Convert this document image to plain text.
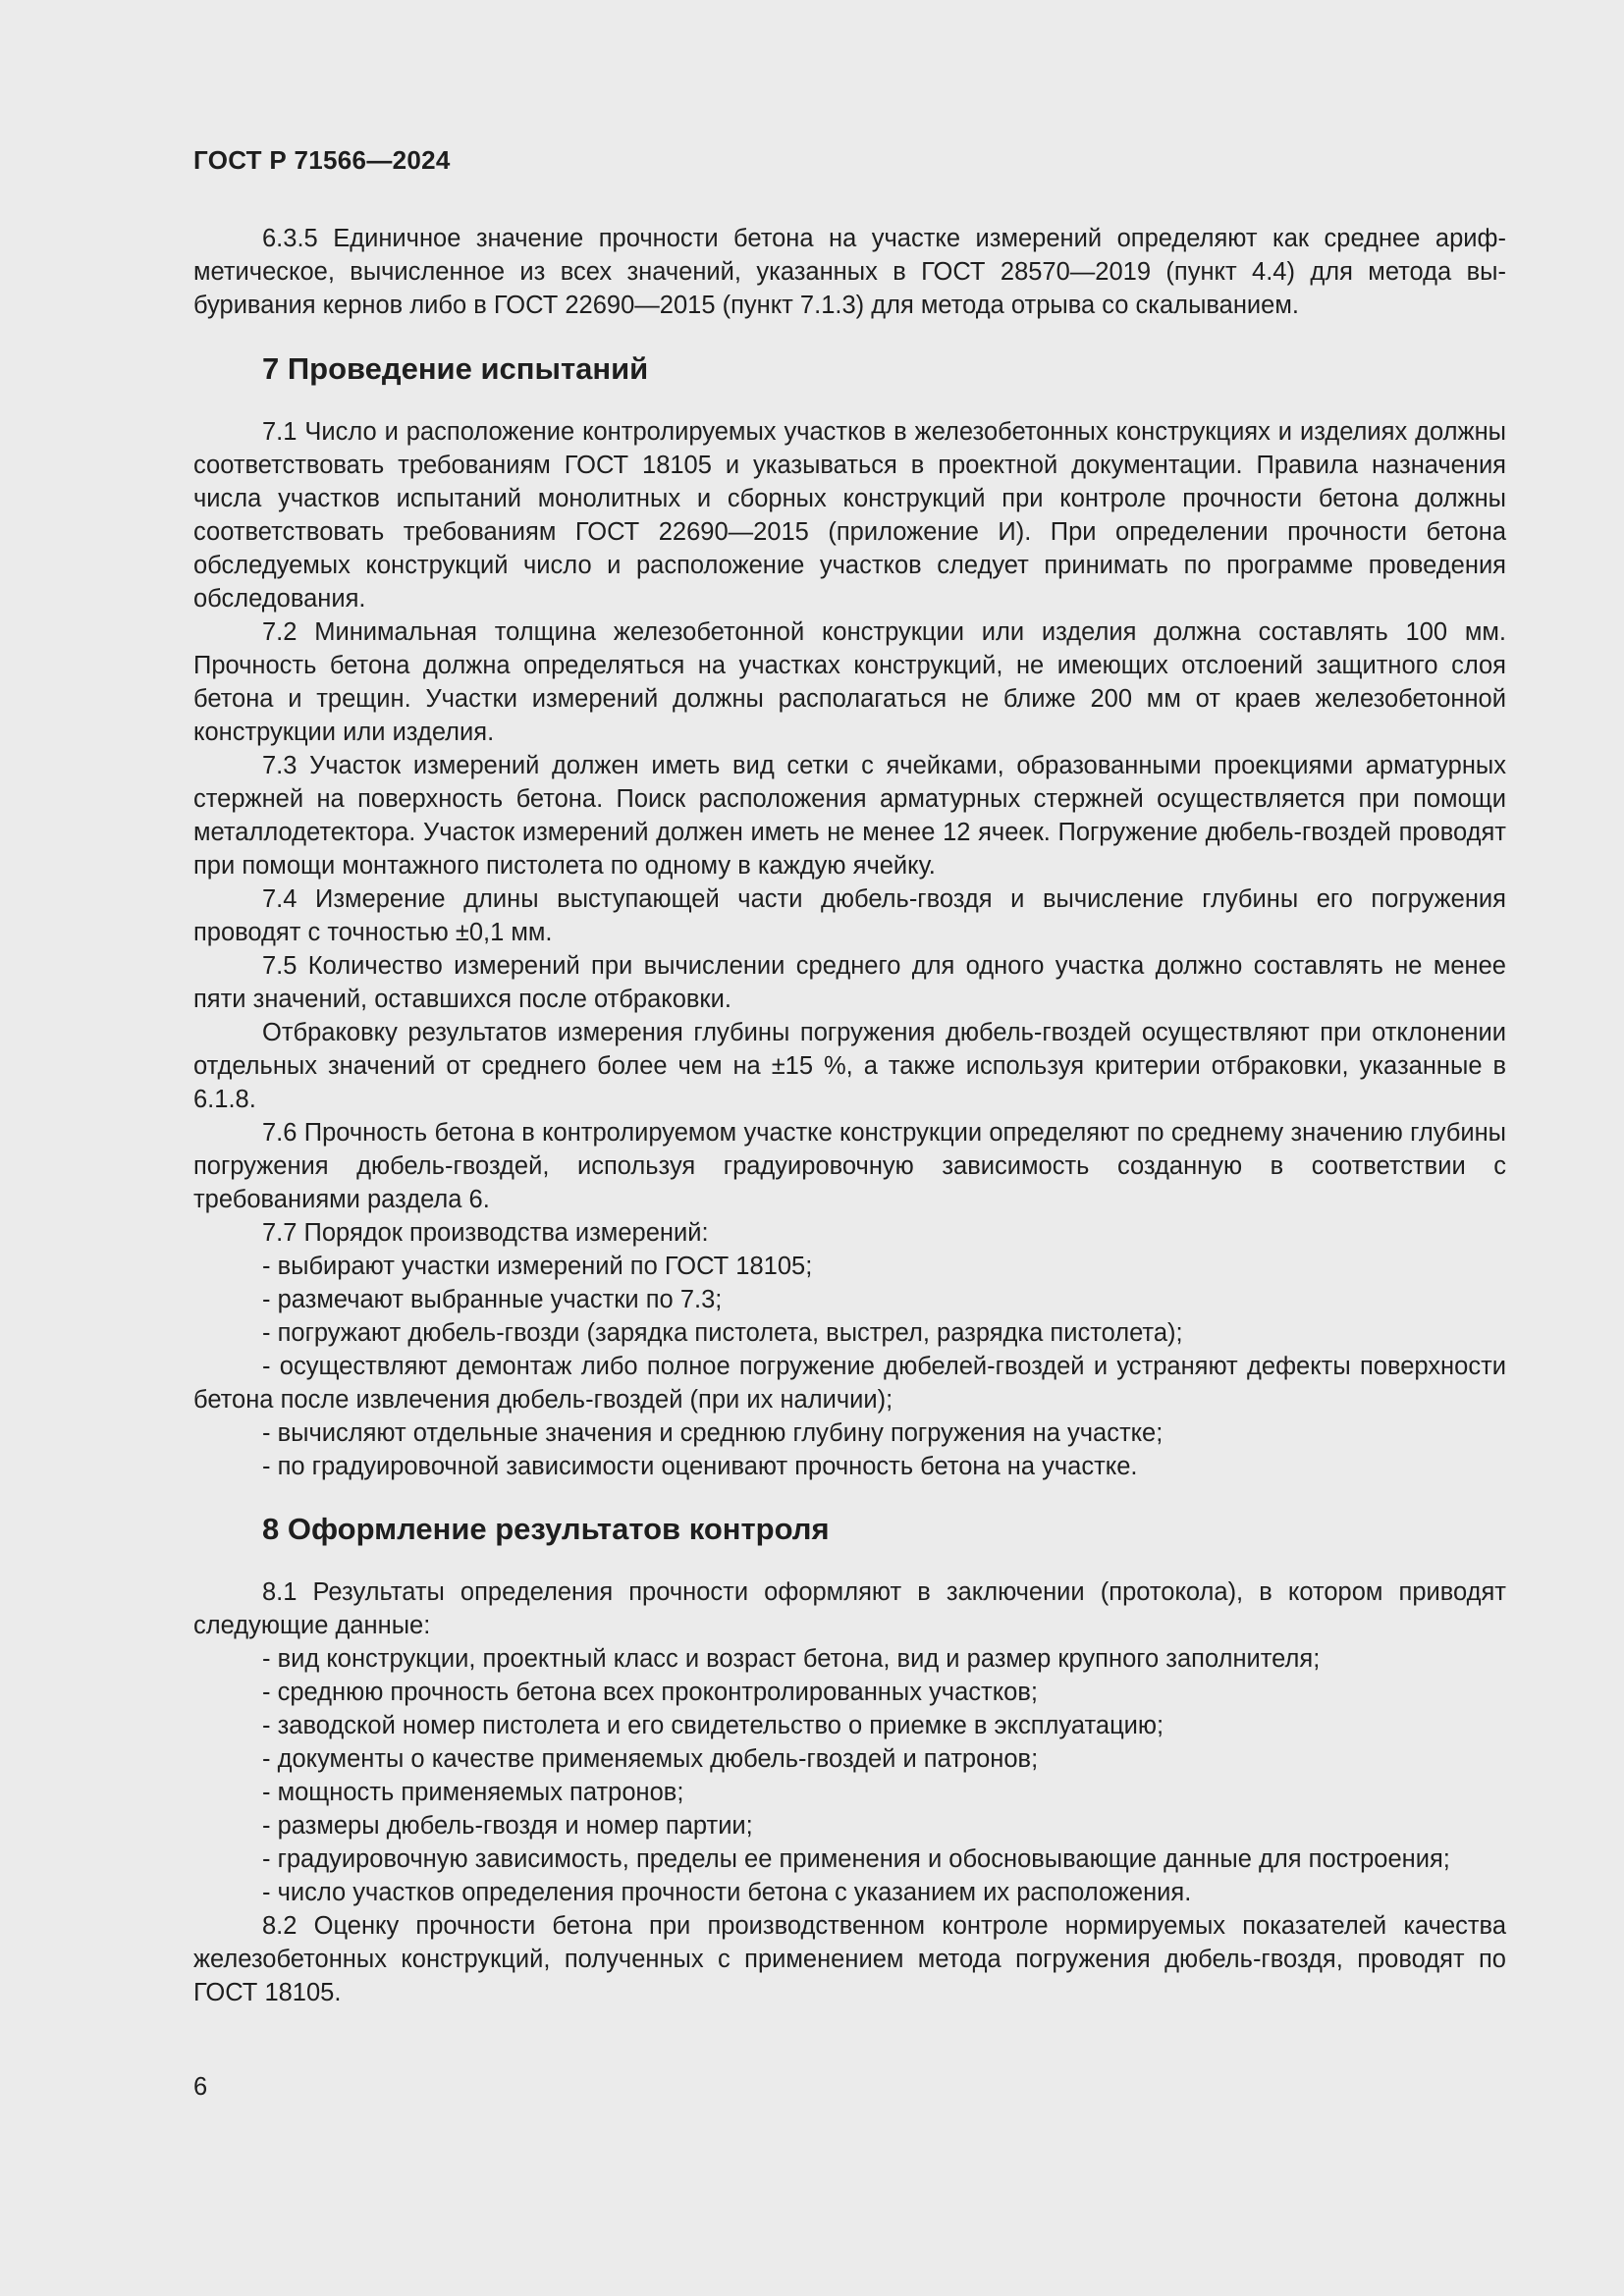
ГОСТ Р 71566—2024

6.3.5 Единичное значение прочности бетона на участке измерений определяют как среднее арифметическое, вычисленное из всех значений, указанных в ГОСТ 28570—2019 (пункт 4.4) для метода выбуривания кернов либо в ГОСТ 22690—2015 (пункт 7.1.3) для метода отрыва со скалыванием.

7 Проведение испытаний

7.1 Число и расположение контролируемых участков в железобетонных конструкциях и изделиях должны соответствовать требованиям ГОСТ 18105 и указываться в проектной документации. Правила назначения числа участков испытаний монолитных и сборных конструкций при контроле прочности бетона должны соответствовать требованиям ГОСТ 22690—2015 (приложение И). При определении прочности бетона обследуемых конструкций число и расположение участков следует принимать по программе проведения обследования.

7.2 Минимальная толщина железобетонной конструкции или изделия должна составлять 100 мм. Прочность бетона должна определяться на участках конструкций, не имеющих отслоений защитного слоя бетона и трещин. Участки измерений должны располагаться не ближе 200 мм от краев железобетонной конструкции или изделия.

7.3 Участок измерений должен иметь вид сетки с ячейками, образованными проекциями арматурных стержней на поверхность бетона. Поиск расположения арматурных стержней осуществляется при помощи металлодетектора. Участок измерений должен иметь не менее 12 ячеек. Погружение дюбель-гвоздей проводят при помощи монтажного пистолета по одному в каждую ячейку.

7.4 Измерение длины выступающей части дюбель-гвоздя и вычисление глубины его погружения проводят с точностью ±0,1 мм.

7.5 Количество измерений при вычислении среднего для одного участка должно составлять не менее пяти значений, оставшихся после отбраковки.

Отбраковку результатов измерения глубины погружения дюбель-гвоздей осуществляют при отклонении отдельных значений от среднего более чем на ±15 %, а также используя критерии отбраковки, указанные в 6.1.8.

7.6 Прочность бетона в контролируемом участке конструкции определяют по среднему значению глубины погружения дюбель-гвоздей, используя градуировочную зависимость созданную в соответствии с требованиями раздела 6.

7.7 Порядок производства измерений:

- выбирают участки измерений по ГОСТ 18105;

- размечают выбранные участки по 7.3;

- погружают дюбель-гвозди (зарядка пистолета, выстрел, разрядка пистолета);

- осуществляют демонтаж либо полное погружение дюбелей-гвоздей и устраняют дефекты поверхности бетона после извлечения дюбель-гвоздей (при их наличии);

- вычисляют отдельные значения и среднюю глубину погружения на участке;

- по градуировочной зависимости оценивают прочность бетона на участке.

8 Оформление результатов контроля

8.1 Результаты определения прочности оформляют в заключении (протокола), в котором приводят следующие данные:

- вид конструкции, проектный класс и возраст бетона, вид и размер крупного заполнителя;

- среднюю прочность бетона всех проконтролированных участков;

- заводской номер пистолета и его свидетельство о приемке в эксплуатацию;

- документы о качестве применяемых дюбель-гвоздей и патронов;

- мощность применяемых патронов;

- размеры дюбель-гвоздя и номер партии;

- градуировочную зависимость, пределы ее применения и обосновывающие данные для построения;

- число участков определения прочности бетона с указанием их расположения.

8.2 Оценку прочности бетона при производственном контроле нормируемых показателей качества железобетонных конструкций, полученных с применением метода погружения дюбель-гвоздя, проводят по ГОСТ 18105.

6
